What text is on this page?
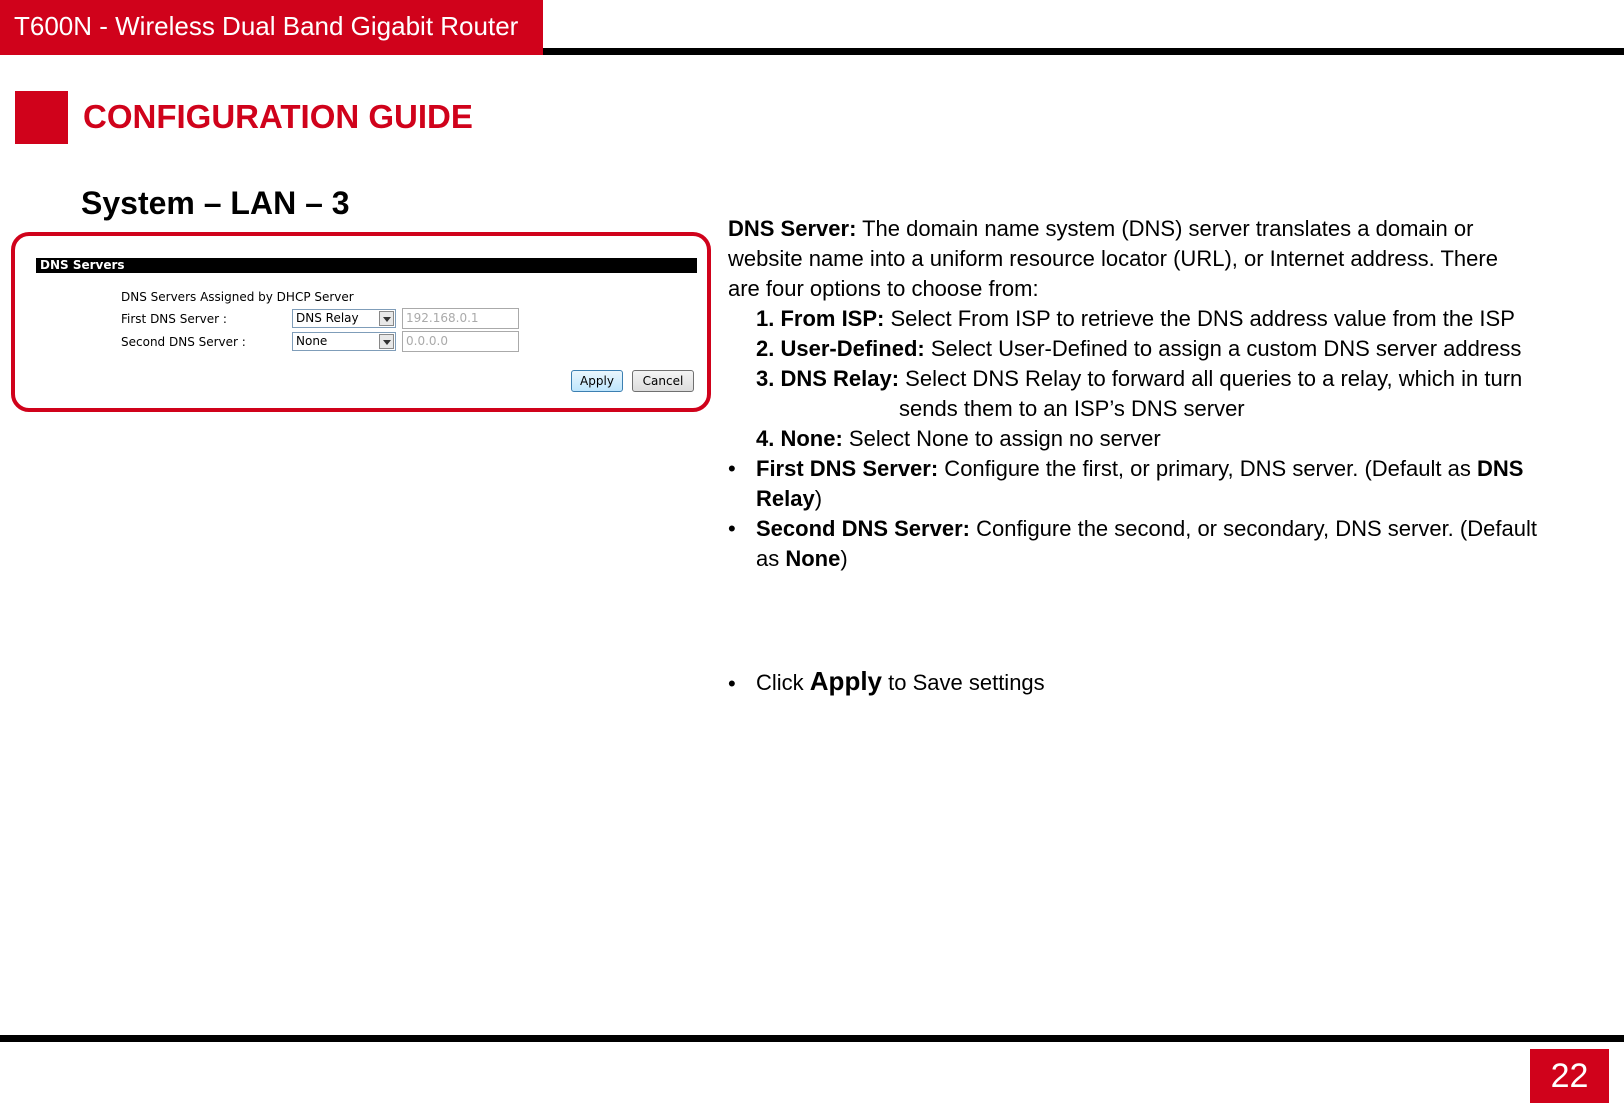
T600N - Wireless Dual Band Gigabit Router
CONFIGURATION GUIDE
System – LAN – 3
DNS Servers
DNS Servers Assigned by DHCP Server
First DNS Server :	DNS Relay	192.168.0.1
Second DNS Server :	None	0.0.0.0
Apply	Cancel
DNS Server: The domain name system (DNS) server translates a domain or
website name into a uniform resource locator (URL), or Internet address. There
are four options to choose from:
1. From ISP: Select From ISP to retrieve the DNS address value from the ISP
2. User-Defined: Select User-Defined to assign a custom DNS server address
3. DNS Relay: Select DNS Relay to forward all queries to a relay, which in turn
sends them to an ISP’s DNS server
4. None: Select None to assign no server
• First DNS Server: Configure the first, or primary, DNS server. (Default as DNS
Relay)
• Second DNS Server: Configure the second, or secondary, DNS server. (Default
as None)
• Click Apply to Save settings
22
